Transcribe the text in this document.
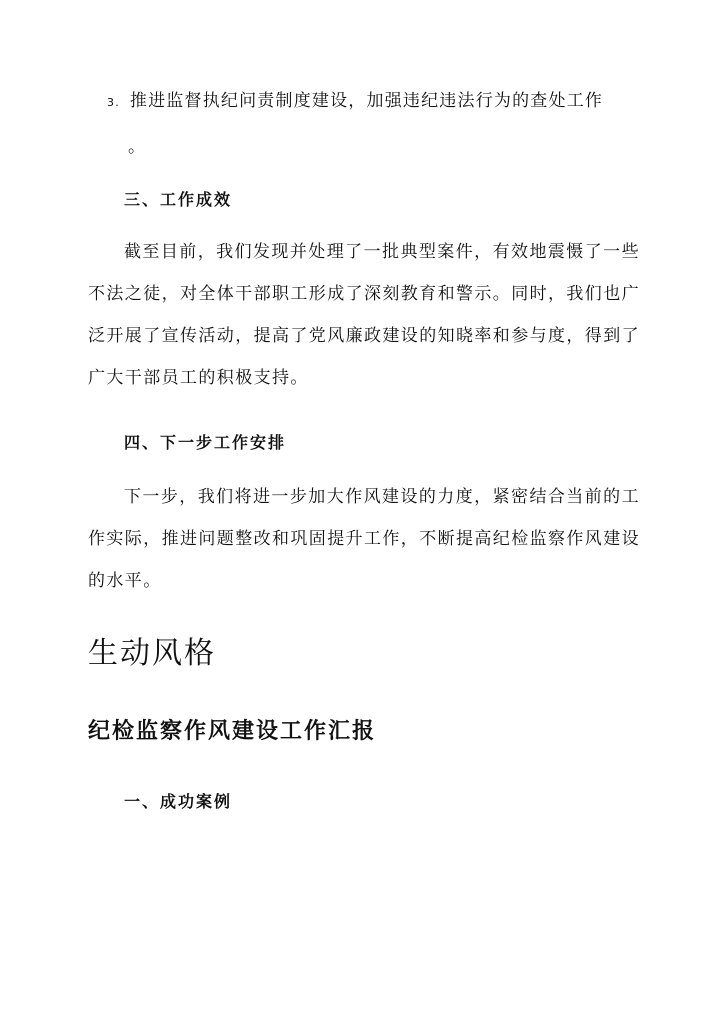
3. 推进监督执纪问责制度建设，加强违纪违法行为的查处工作
。
三、工作成效

截至目前，我们发现并处理了一批典型案件，有效地震慑了一些不法之徒，对全体干部职工形成了深刻教育和警示。同时，我们也广泛开展了宣传活动，提高了党风廉政建设的知晓率和参与度，得到了广大干部员工的积极支持。

四、下一步工作安排

下一步，我们将进一步加大作风建设的力度，紧密结合当前的工作实际，推进问题整改和巩固提升工作，不断提高纪检监察作风建设的水平。

生动风格
纪检监察作风建设工作汇报
一、成功案例
